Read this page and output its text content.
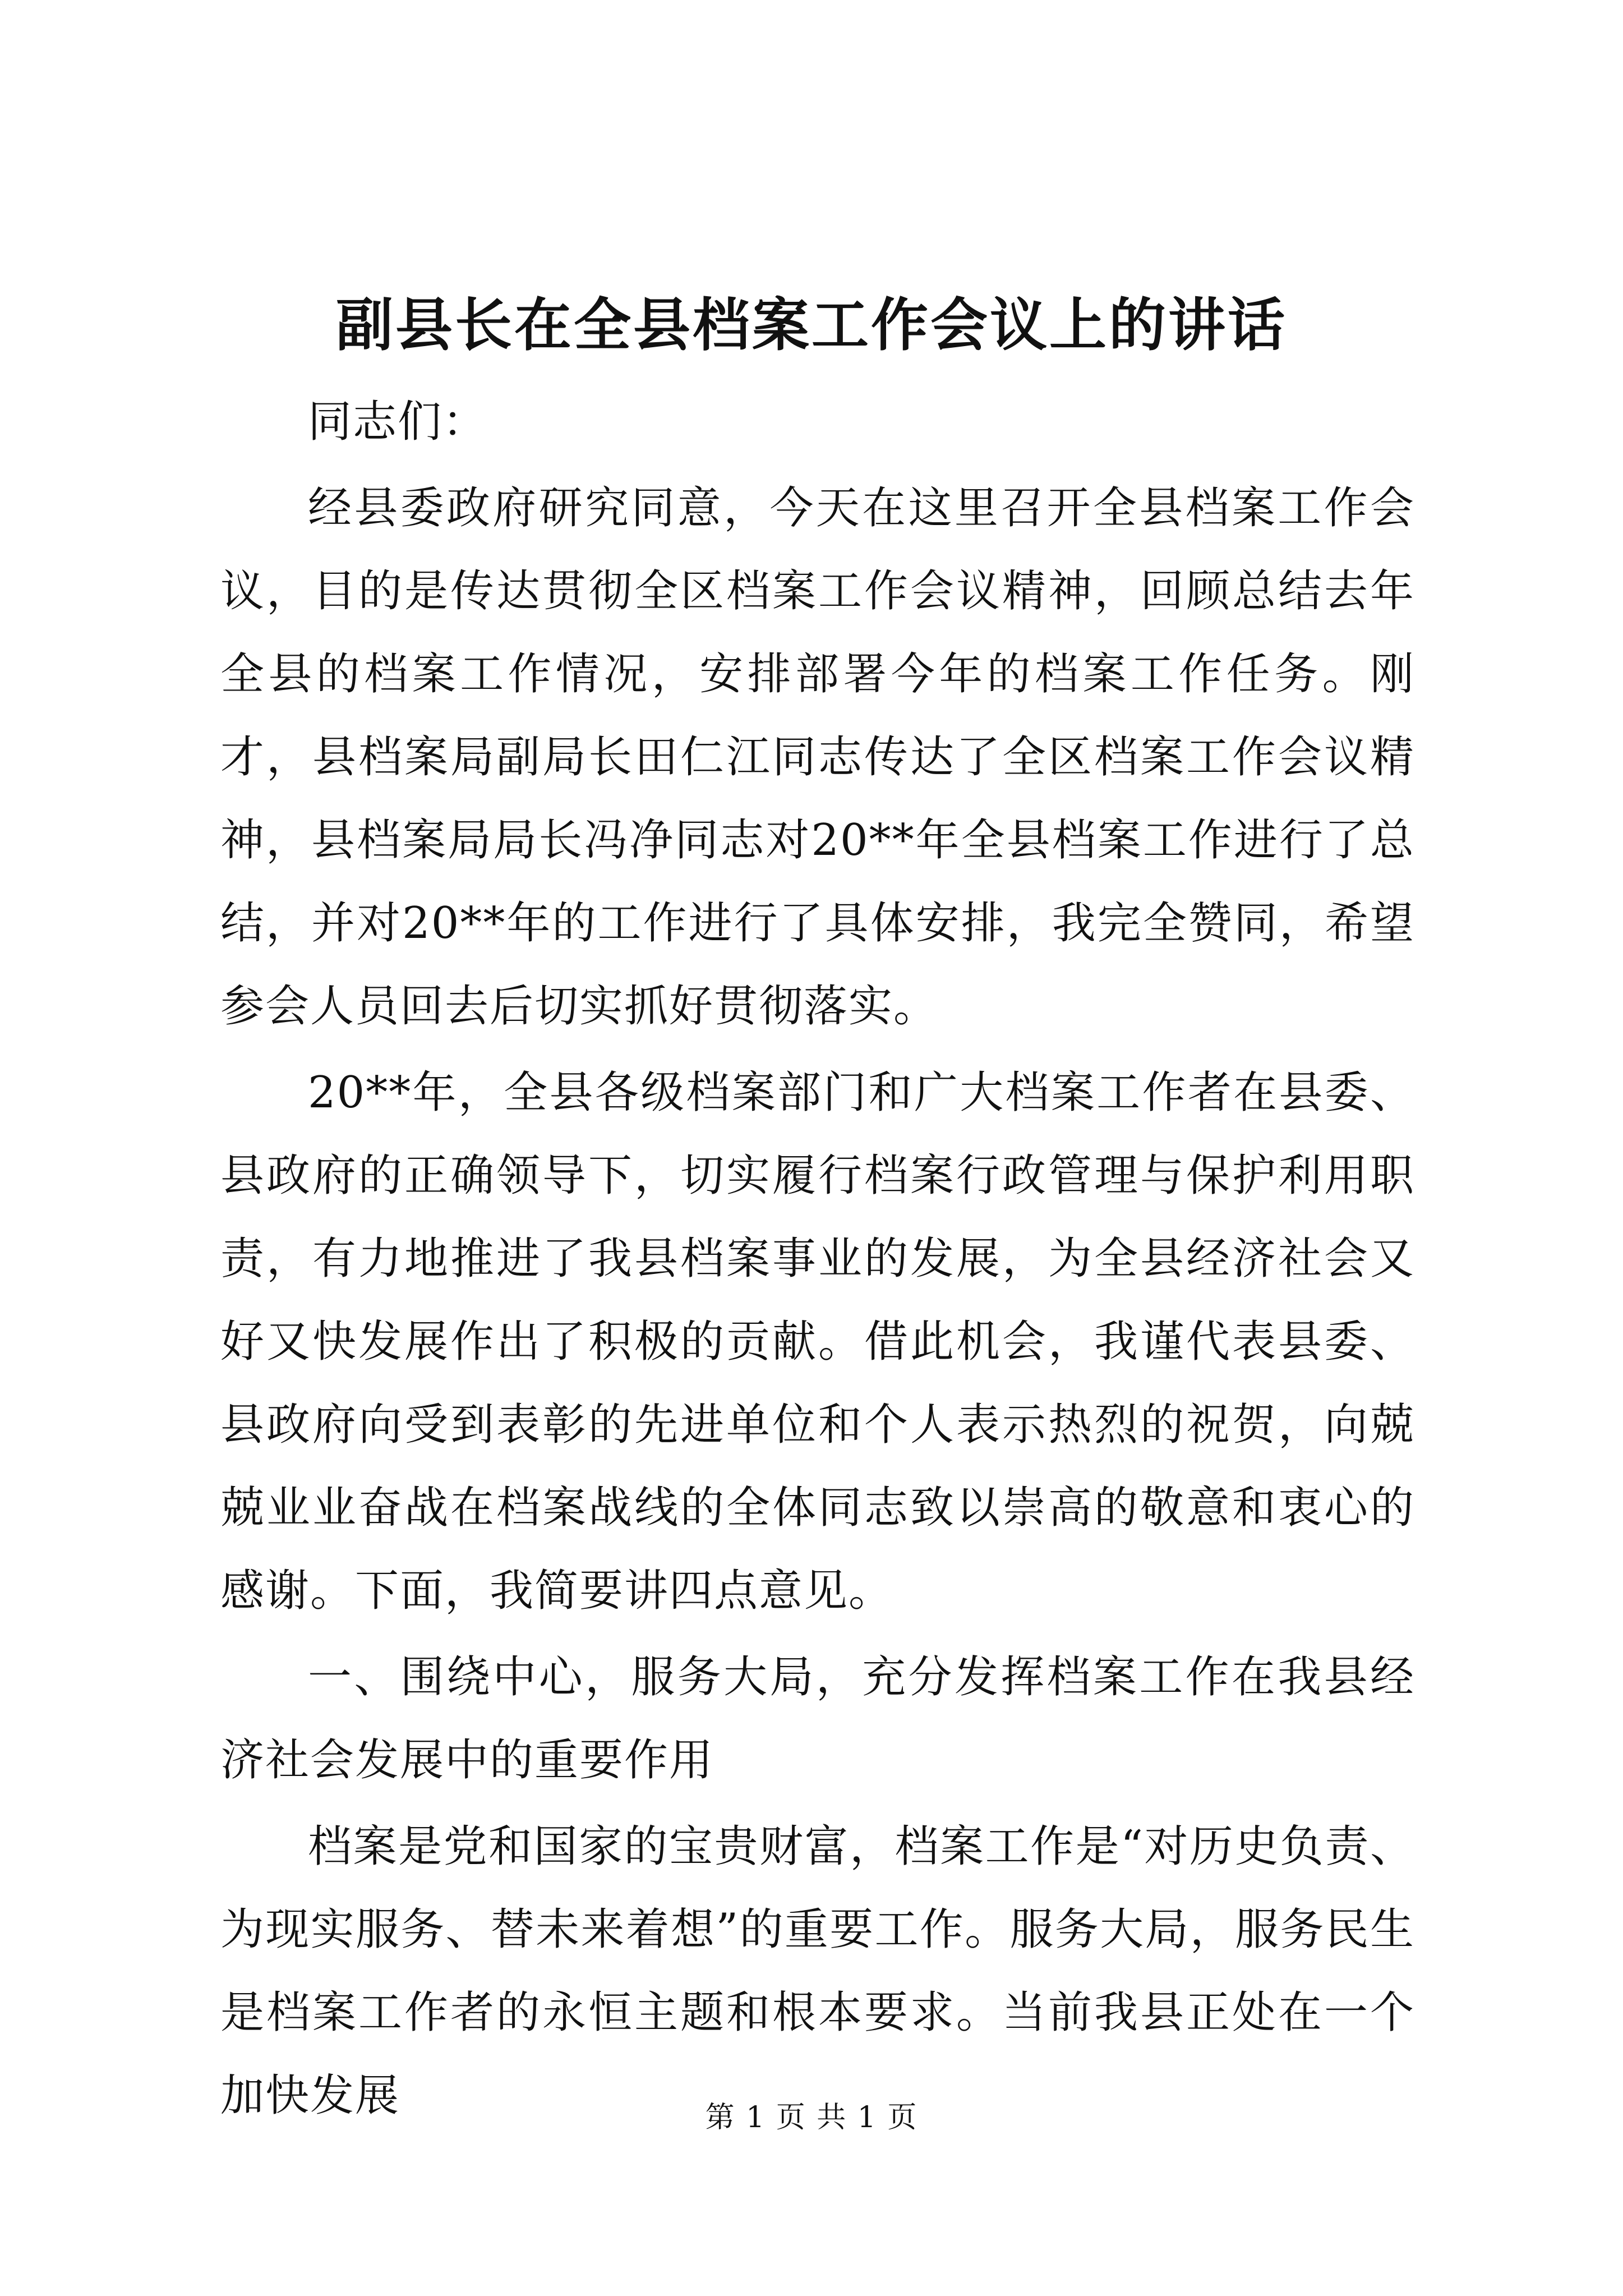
副县长在全县档案工作会议上的讲话

同志们：

经县委政府研究同意，今天在这里召开全县档案工作会议，目的是传达贯彻全区档案工作会议精神，回顾总结去年全县的档案工作情况，安排部署今年的档案工作任务。刚才，县档案局副局长田仁江同志传达了全区档案工作会议精神，县档案局局长冯净同志对20**年全县档案工作进行了总结，并对20**年的工作进行了具体安排，我完全赞同，希望参会人员回去后切实抓好贯彻落实。

20**年，全县各级档案部门和广大档案工作者在县委、县政府的正确领导下，切实履行档案行政管理与保护利用职责，有力地推进了我县档案事业的发展，为全县经济社会又好又快发展作出了积极的贡献。借此机会，我谨代表县委、县政府向受到表彰的先进单位和个人表示热烈的祝贺，向兢兢业业奋战在档案战线的全体同志致以崇高的敬意和衷心的感谢。下面，我简要讲四点意见。

一、围绕中心，服务大局，充分发挥档案工作在我县经济社会发展中的重要作用

档案是党和国家的宝贵财富，档案工作是“对历史负责、为现实服务、替未来着想”的重要工作。服务大局，服务民生是档案工作者的永恒主题和根本要求。当前我县正处在一个加快发展	第 1 页 共 1 页
